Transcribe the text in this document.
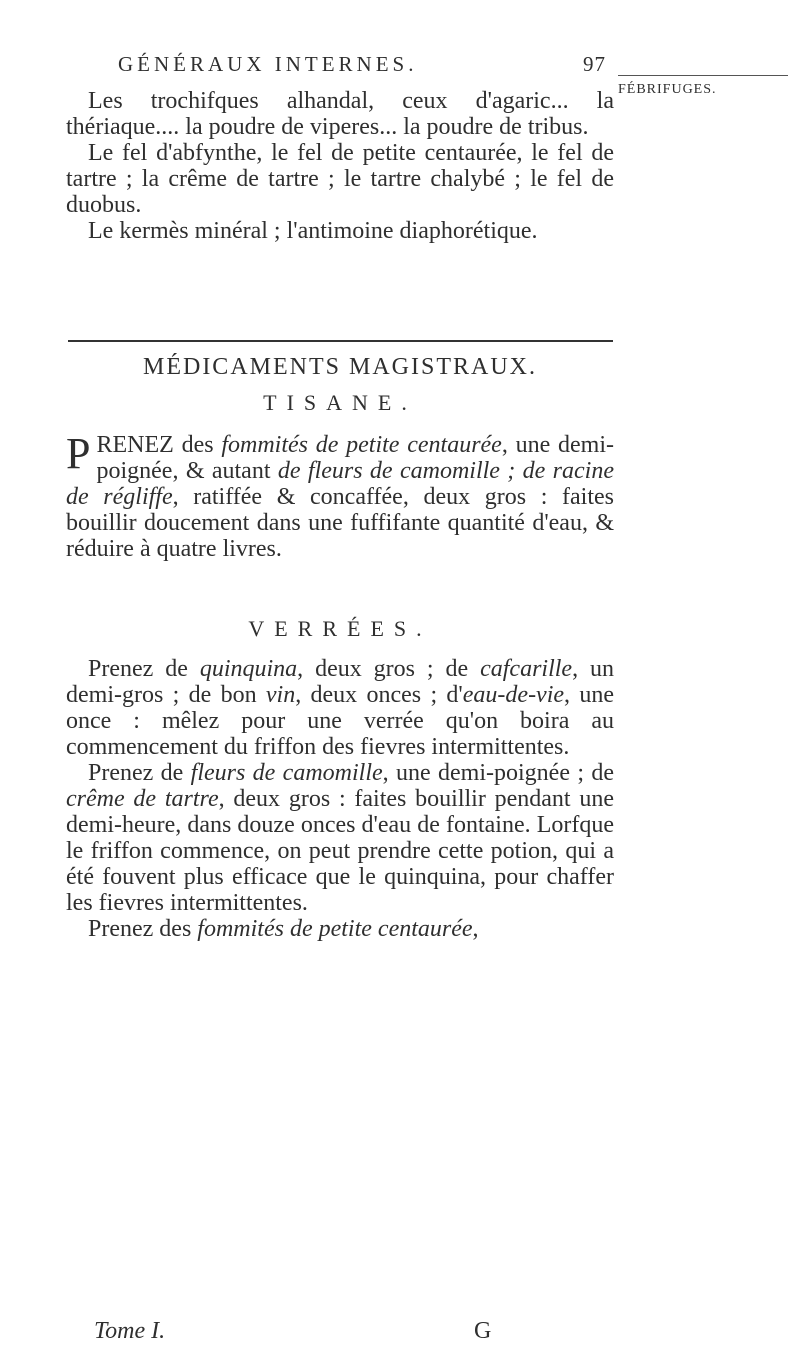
GÉNÉRAUX INTERNES.	97
FÉBRIFUGES.

Les trochifques alhandal, ceux d'agaric... la thériaque.... la poudre de viperes... la poudre de tribus.

Le fel d'abfynthe, le fel de petite centaurée, le fel de tartre ; la crême de tartre ; le tartre chalybé ; le fel de duobus.

Le kermès minéral ; l'antimoine diaphorétique.

MÉDICAMENTS MAGISTRAUX.
TISANE.

PRENEZ des fommités de petite centaurée, une demi-poignée, & autant de fleurs de camomille ; de racine de régliffe, ratiffée & concaffée, deux gros : faites bouillir doucement dans une fuffifante quantité d'eau, & réduire à quatre livres.

VERRÉES.

Prenez de quinquina, deux gros ; de cafcarille, un demi-gros ; de bon vin, deux onces ; d'eau-de-vie, une once : mêlez pour une verrée qu'on boira au commencement du friffon des fievres intermittentes.

Prenez de fleurs de camomille, une demi-poignée ; de crême de tartre, deux gros : faites bouillir pendant une demi-heure, dans douze onces d'eau de fontaine. Lorfque le friffon commence, on peut prendre cette potion, qui a été fouvent plus efficace que le quinquina, pour chaffer les fievres intermittentes.

Prenez des fommités de petite centaurée,

Tome I.	G
